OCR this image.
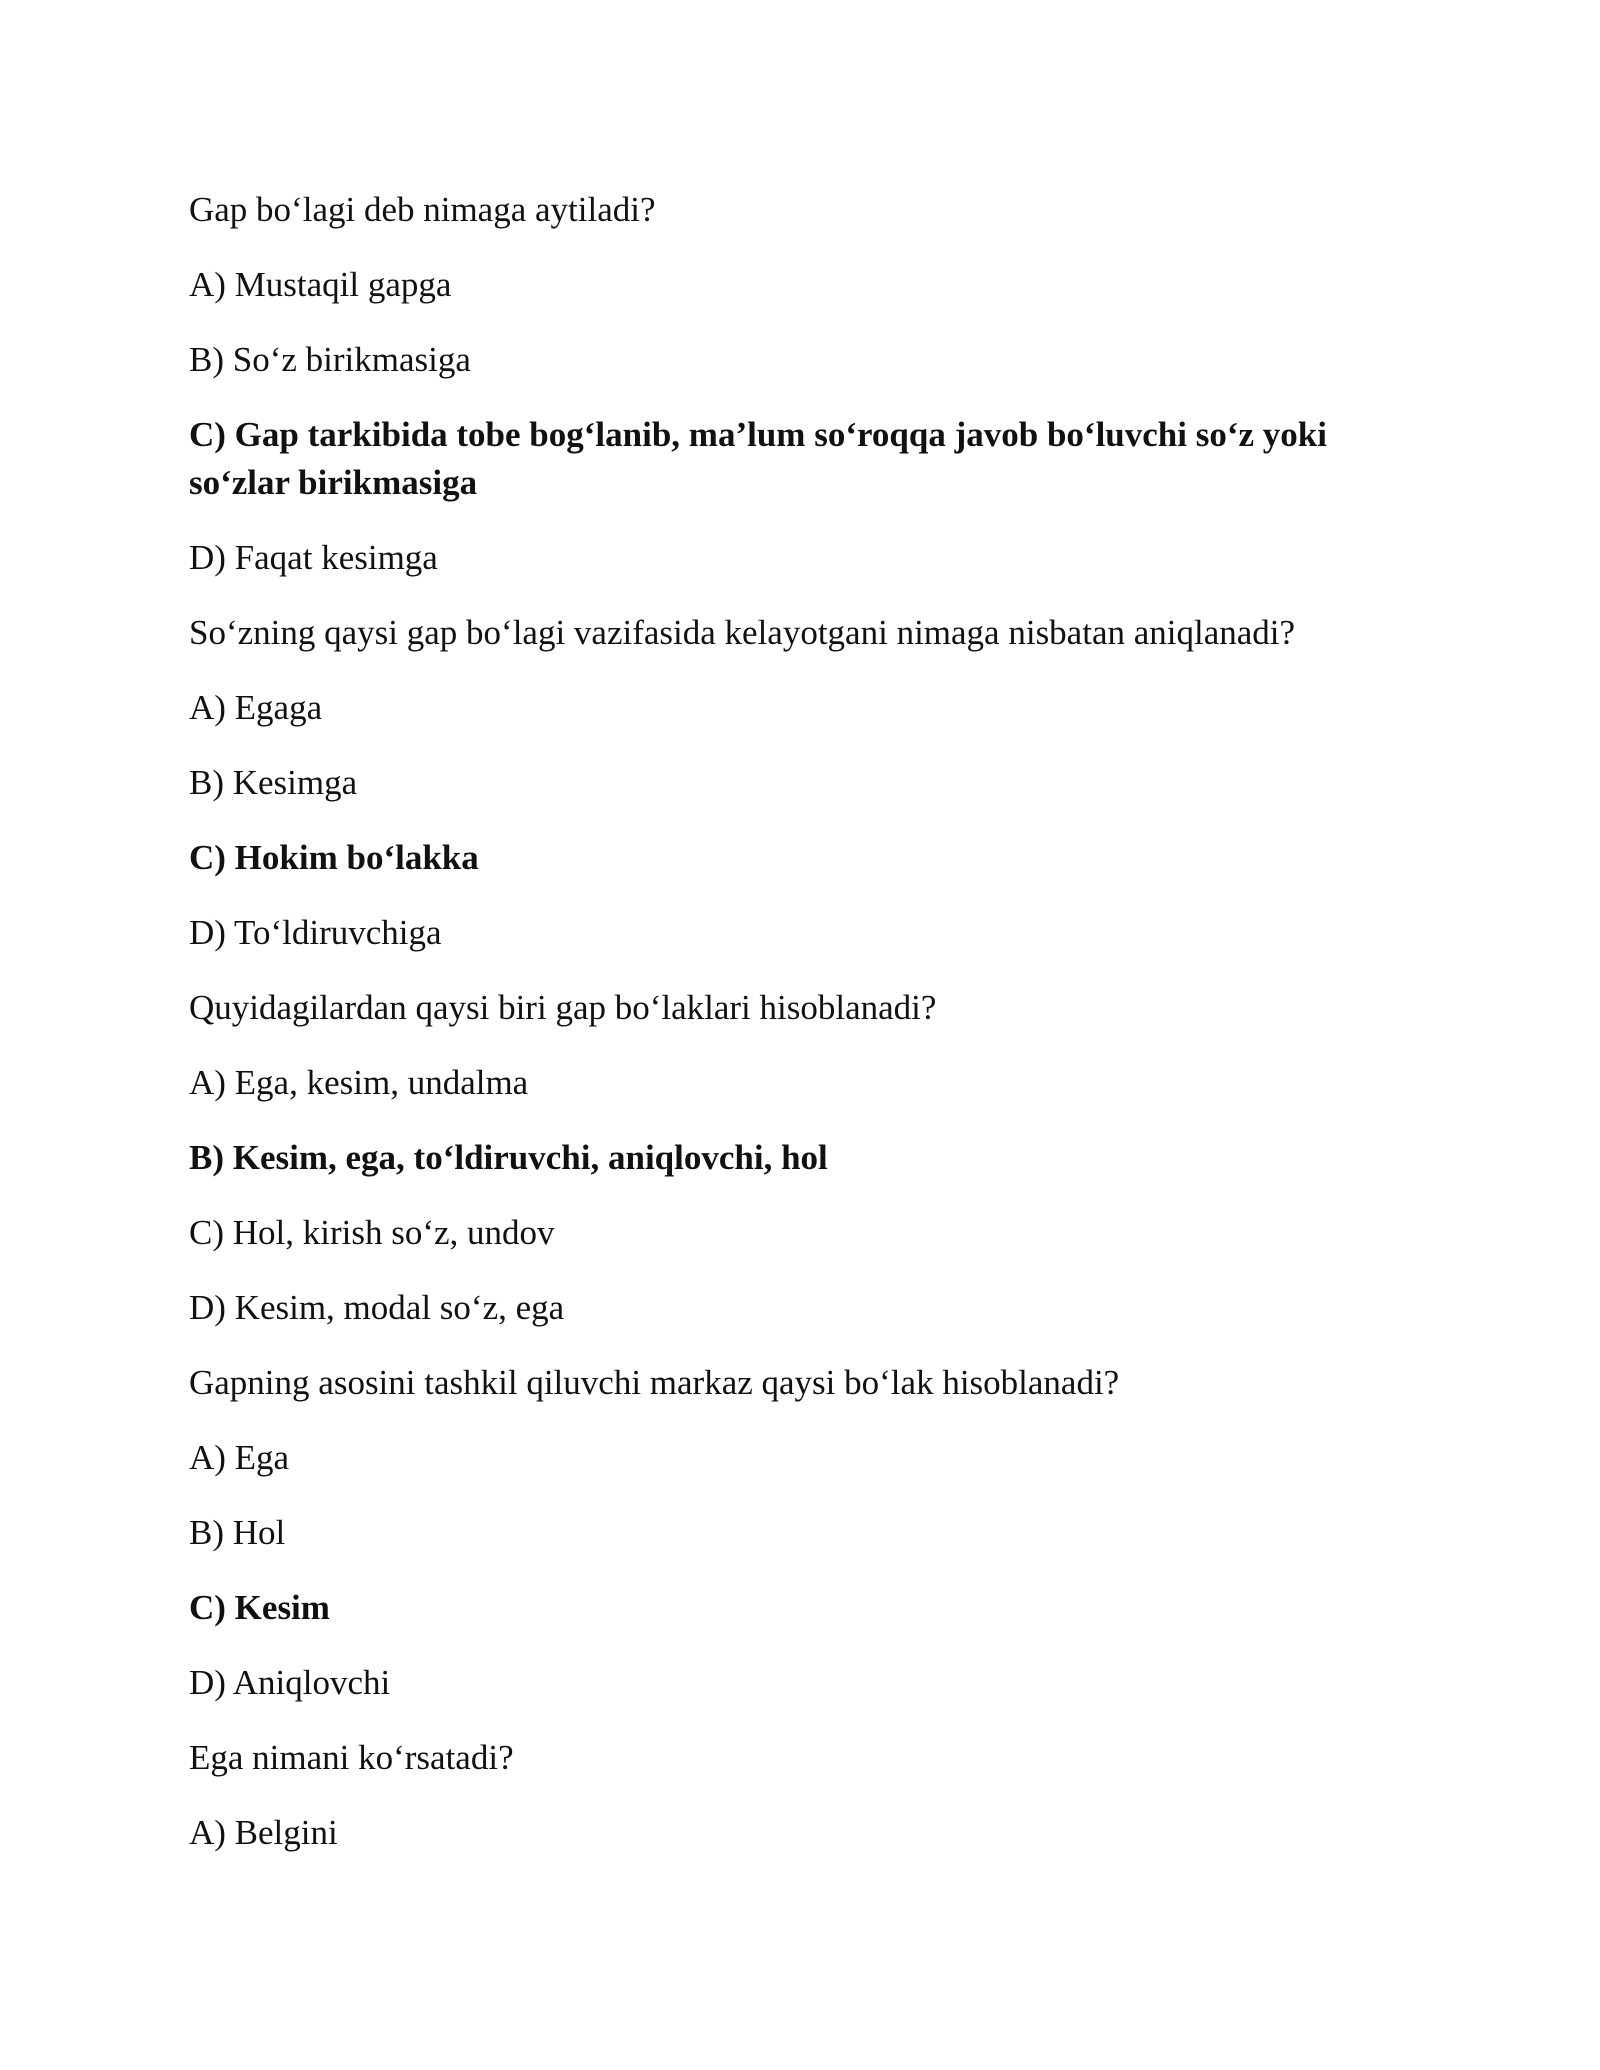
Gap bo‘lagi deb nimaga aytiladi?

A) Mustaqil gapga

B) So‘z birikmasiga

C) Gap tarkibida tobe bog‘lanib, ma’lum so‘roqqa javob bo‘luvchi so‘z yoki so‘zlar birikmasiga

D) Faqat kesimga

So‘zning qaysi gap bo‘lagi vazifasida kelayotgani nimaga nisbatan aniqlanadi?

A) Egaga

B) Kesimga

C) Hokim bo‘lakka

D) To‘ldiruvchiga

Quyidagilardan qaysi biri gap bo‘laklari hisoblanadi?

A) Ega, kesim, undalma

B) Kesim, ega, to‘ldiruvchi, aniqlovchi, hol

C) Hol, kirish so‘z, undov

D) Kesim, modal so‘z, ega

Gapning asosini tashkil qiluvchi markaz qaysi bo‘lak hisoblanadi?

A) Ega

B) Hol

C) Kesim

D) Aniqlovchi

Ega nimani ko‘rsatadi?

A) Belgini
